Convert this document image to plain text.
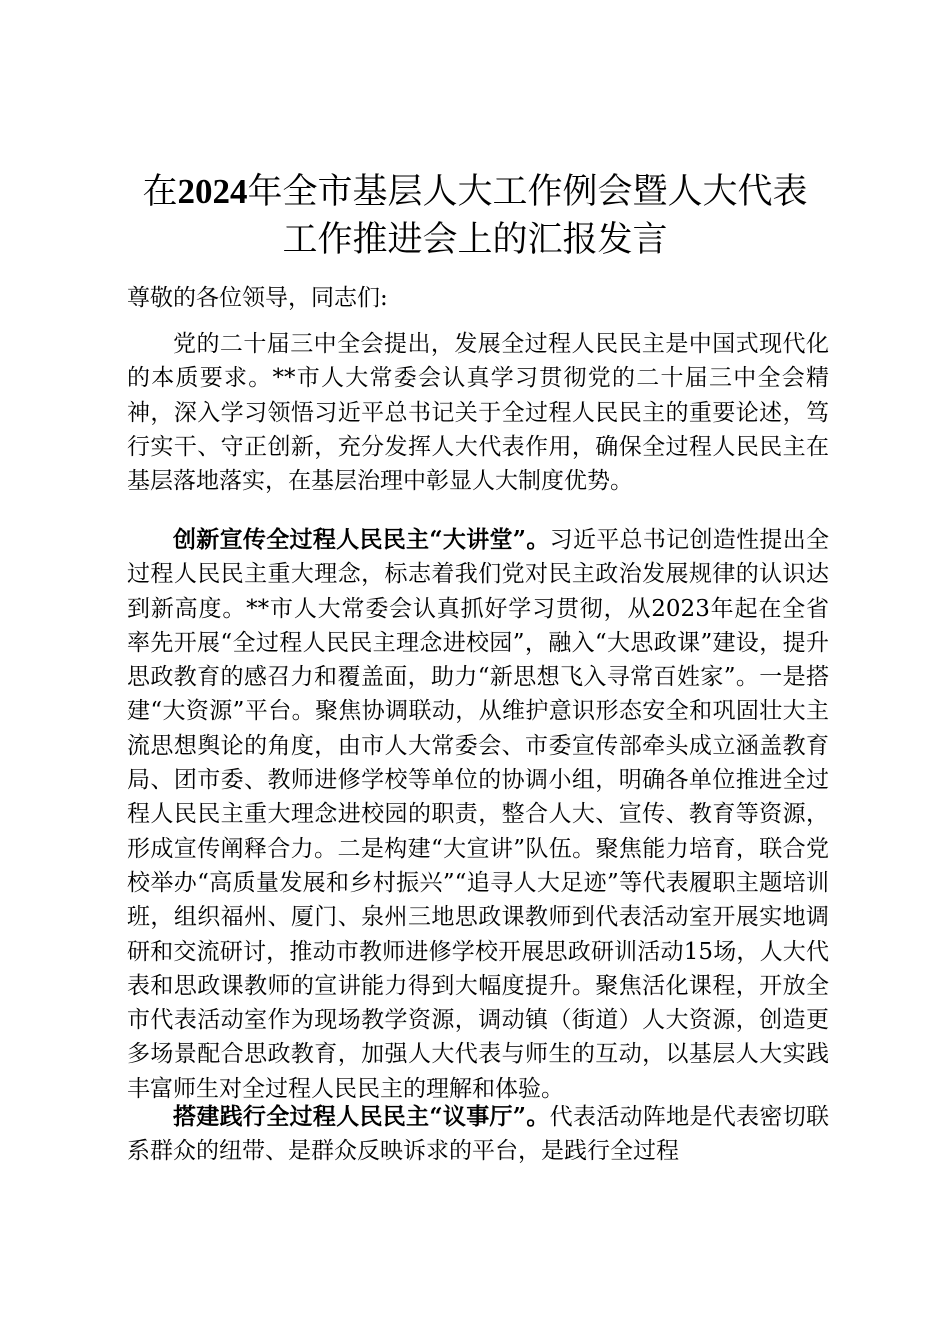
在2024年全市基层人大工作例会暨人大代表
工作推进会上的汇报发言

尊敬的各位领导，同志们:

党的二十届三中全会提出，发展全过程人民民主是中国式现代化的本质要求。**市人大常委会认真学习贯彻党的二十届三中全会精神，深入学习领悟习近平总书记关于全过程人民民主的重要论述，笃行实干、守正创新，充分发挥人大代表作用，确保全过程人民民主在基层落地落实，在基层治理中彰显人大制度优势。

创新宣传全过程人民民主“大讲堂”。习近平总书记创造性提出全过程人民民主重大理念，标志着我们党对民主政治发展规律的认识达到新高度。**市人大常委会认真抓好学习贯彻，从2023年起在全省率先开展“全过程人民民主理念进校园”，融入“大思政课”建设，提升思政教育的感召力和覆盖面，助力“新思想飞入寻常百姓家”。一是搭建“大资源”平台。聚焦协调联动，从维护意识形态安全和巩固壮大主流思想舆论的角度，由市人大常委会、市委宣传部牵头成立涵盖教育局、团市委、教师进修学校等单位的协调小组，明确各单位推进全过程人民民主重大理念进校园的职责，整合人大、宣传、教育等资源，形成宣传阐释合力。二是构建“大宣讲”队伍。聚焦能力培育，联合党校举办“高质量发展和乡村振兴”“追寻人大足迹”等代表履职主题培训班，组织福州、厦门、泉州三地思政课教师到代表活动室开展实地调研和交流研讨，推动市教师进修学校开展思政研训活动15场，人大代表和思政课教师的宣讲能力得到大幅度提升。聚焦活化课程，开放全市代表活动室作为现场教学资源，调动镇（街道）人大资源，创造更多场景配合思政教育，加强人大代表与师生的互动，以基层人大实践丰富师生对全过程人民民主的理解和体验。

搭建践行全过程人民民主“议事厅”。代表活动阵地是代表密切联系群众的纽带、是群众反映诉求的平台，是践行全过程
